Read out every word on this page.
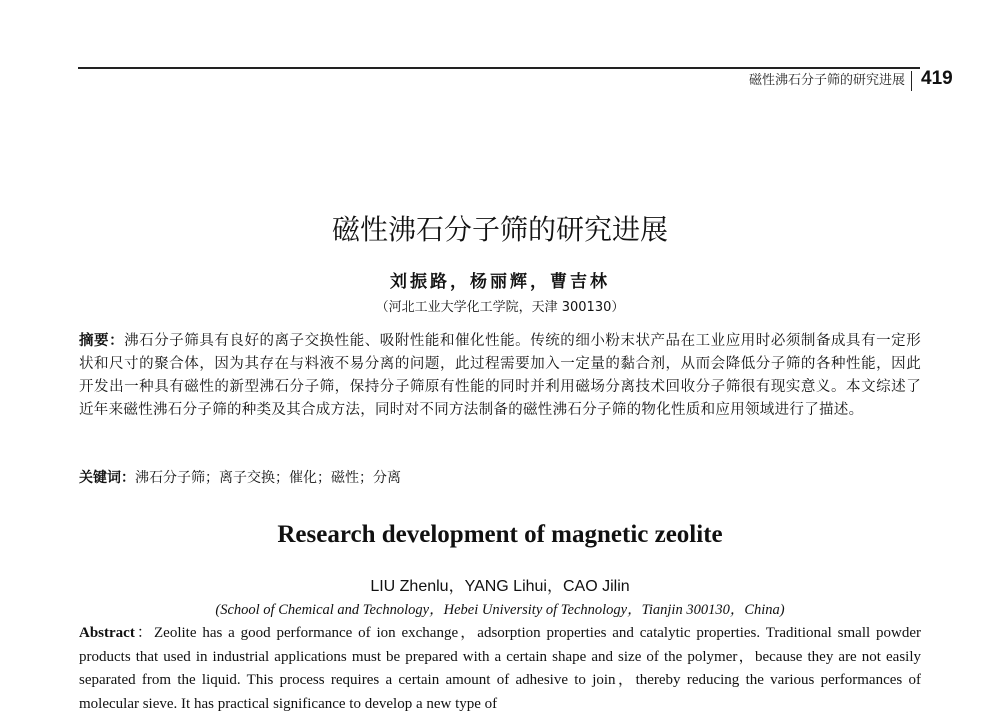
磁性沸石分子筛的研究进展 419
磁性沸石分子筛的研究进展
刘振路，杨丽辉，曹吉林
（河北工业大学化工学院，天津 300130）
摘要：沸石分子筛具有良好的离子交换性能、吸附性能和催化性能。传统的细小粉末状产品在工业应用时必须制备成具有一定形状和尺寸的聚合体，因为其存在与料液不易分离的问题，此过程需要加入一定量的黏合剂，从而会降低分子筛的各种性能，因此开发出一种具有磁性的新型沸石分子筛，保持分子筛原有性能的同时并利用磁场分离技术回收分子筛很有现实意义。本文综述了近年来磁性沸石分子筛的种类及其合成方法，同时对不同方法制备的磁性沸石分子筛的物化性质和应用领域进行了描述。
关键词：沸石分子筛；离子交换；催化；磁性；分离
Research development of magnetic zeolite
LIU Zhenlu，YANG Lihui，CAO Jilin
(School of Chemical and Technology，Hebei University of Technology，Tianjin 300130，China)
Abstract：Zeolite has a good performance of ion exchange，adsorption properties and catalytic properties. Traditional small powder products that used in industrial applications must be prepared with a certain shape and size of the polymer，because they are not easily separated from the liquid. This process requires a certain amount of adhesive to join，thereby reducing the various performances of molecular sieve. It has practical significance to develop a new type of
